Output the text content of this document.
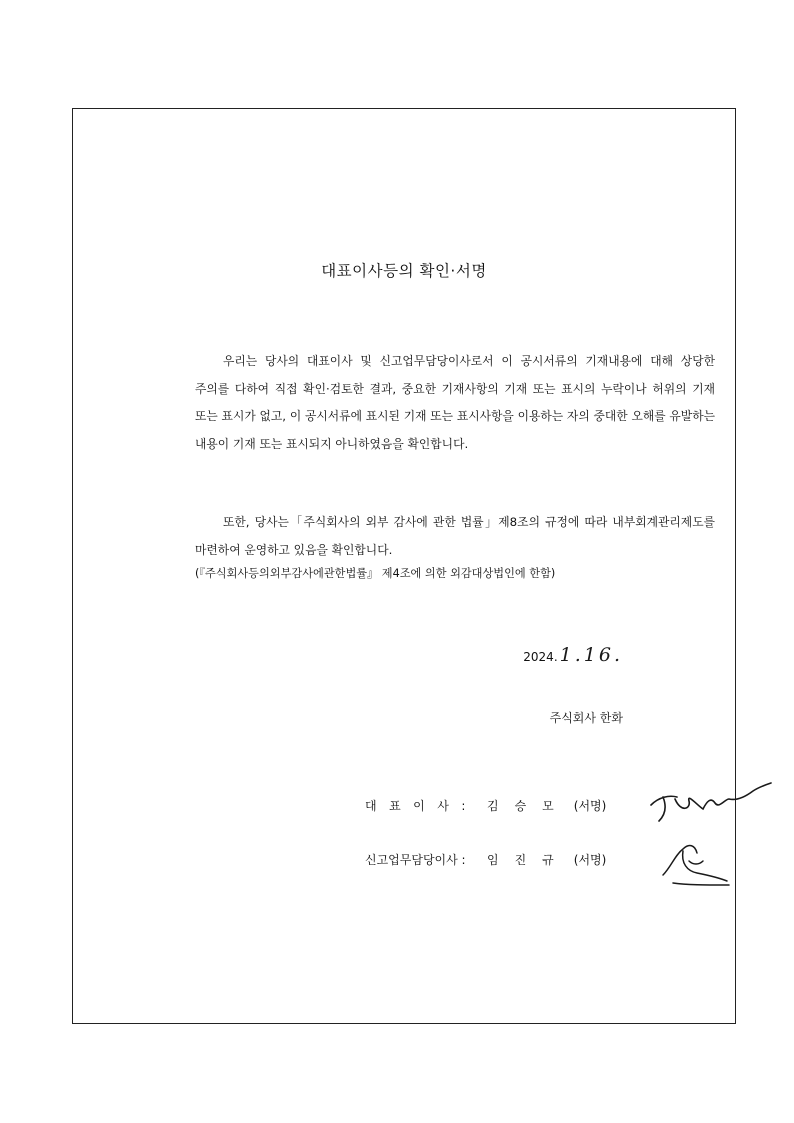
대표이사등의 확인·서명

우리는 당사의 대표이사 및 신고업무담당이사로서 이 공시서류의 기재내용에 대해 상당한 주의를 다하여 직접 확인·검토한 결과, 중요한 기재사항의 기재 또는 표시의 누락이나 허위의 기재 또는 표시가 없고, 이 공시서류에 표시된 기재 또는 표시사항을 이용하는 자의 중대한 오해를 유발하는 내용이 기재 또는 표시되지 아니하였음을 확인합니다.

또한, 당사는「주식회사의 외부 감사에 관한 법률」제8조의 규정에 따라 내부회계관리제도를 마련하여 운영하고 있음을 확인합니다.

(『주식회사등의외부감사에관한법률』 제4조에 의한 외감대상법인에 한함)
2024. 1.16.
주식회사 한화
대표이사: 김승모 (서명)
신고업무담당이사 : 임진규 (서명)
